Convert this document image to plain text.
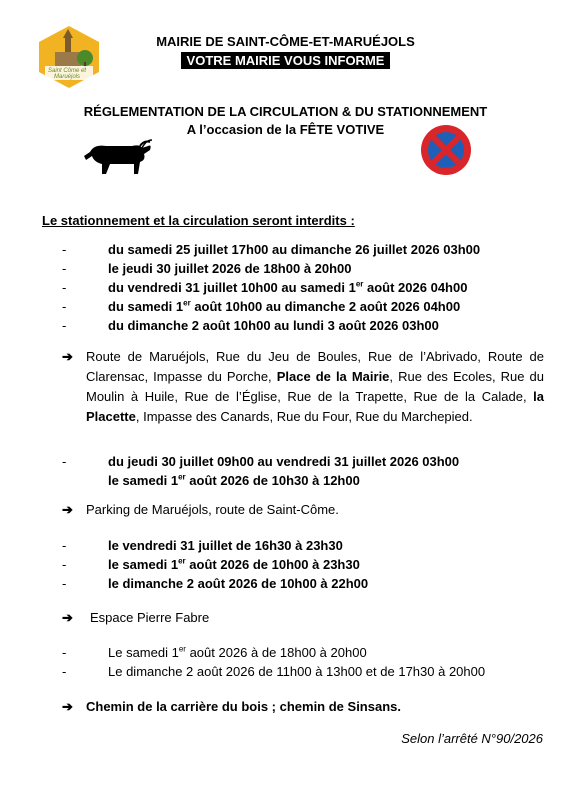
MAIRIE DE SAINT-CÔME-ET-MARUÉJOLS
VOTRE MAIRIE VOUS INFORME
Saint Côme et Maruéjols
RÉGLEMENTATION DE LA CIRCULATION & DU STATIONNEMENT
A l’occasion de la FÊTE VOTIVE
Le stationnement et la circulation seront interdits :
-	du samedi 25 juillet 17h00 au dimanche 26 juillet 2026 03h00
-	le jeudi 30 juillet 2026 de 18h00 à 20h00
-	du vendredi 31 juillet 10h00 au samedi 1er août 2026 04h00
-	du samedi 1er août 10h00 au dimanche 2 août 2026 04h00
-	du dimanche 2 août 10h00 au lundi 3 août 2026 03h00
➔ Route de Maruéjols, Rue du Jeu de Boules, Rue de l’Abrivado, Route de Clarensac, Impasse du Porche, Place de la Mairie, Rue des Ecoles, Rue du Moulin à Huile, Rue de l’Église, Rue de la Trapette, Rue de la Calade, la Placette, Impasse des Canards, Rue du Four, Rue du Marchepied.
-	du jeudi 30 juillet 09h00 au vendredi 31 juillet 2026 03h00
le samedi 1er août 2026 de 10h30 à 12h00
➔ Parking de Maruéjols, route de Saint-Côme.
-	le vendredi 31 juillet de 16h30 à 23h30
-	le samedi 1er août 2026 de 10h00 à 23h30
-	le dimanche 2 août 2026 de 10h00 à 22h00
➔ Espace Pierre Fabre
-	Le samedi 1er août 2026 à de 18h00 à 20h00
-	Le dimanche 2 août 2026 de 11h00 à 13h00 et de 17h30 à 20h00
➔ Chemin de la carrière du bois ; chemin de Sinsans.
Selon l’arrêté N°90/2026
